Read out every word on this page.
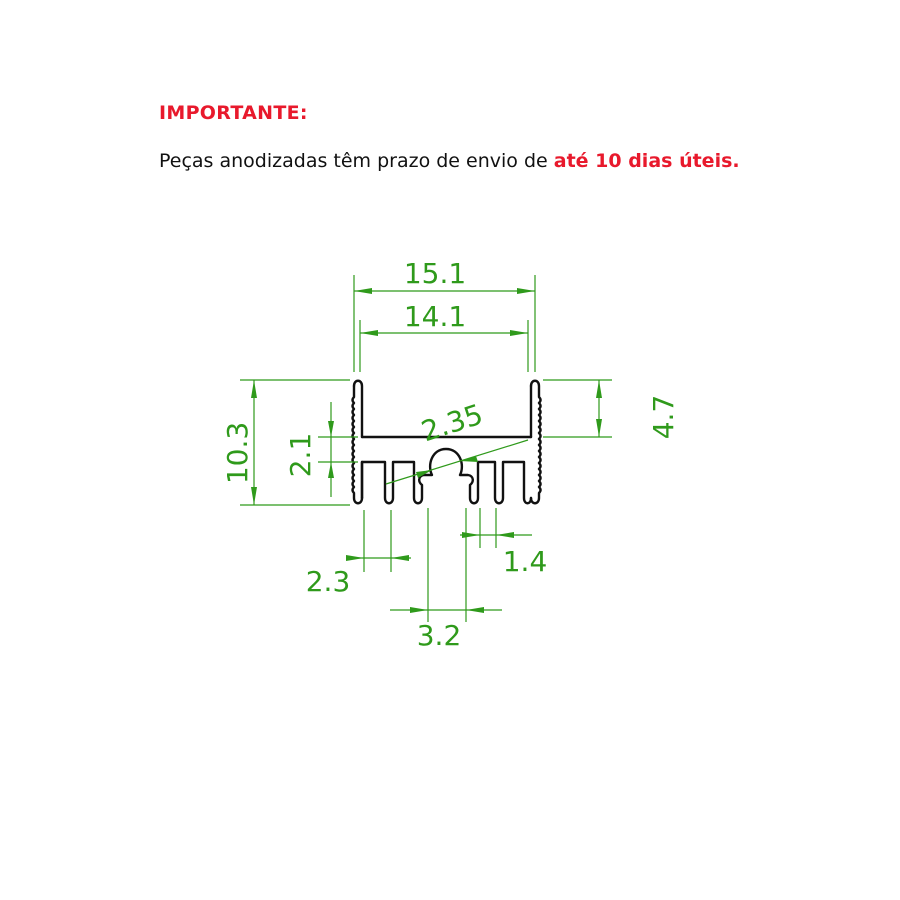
IMPORTANTE:
Peças anodizadas têm prazo de envio de até 10 dias úteis.
15.1
14.1
10.3 2.1
4.7
2.35
2.3
3.2
1.4
